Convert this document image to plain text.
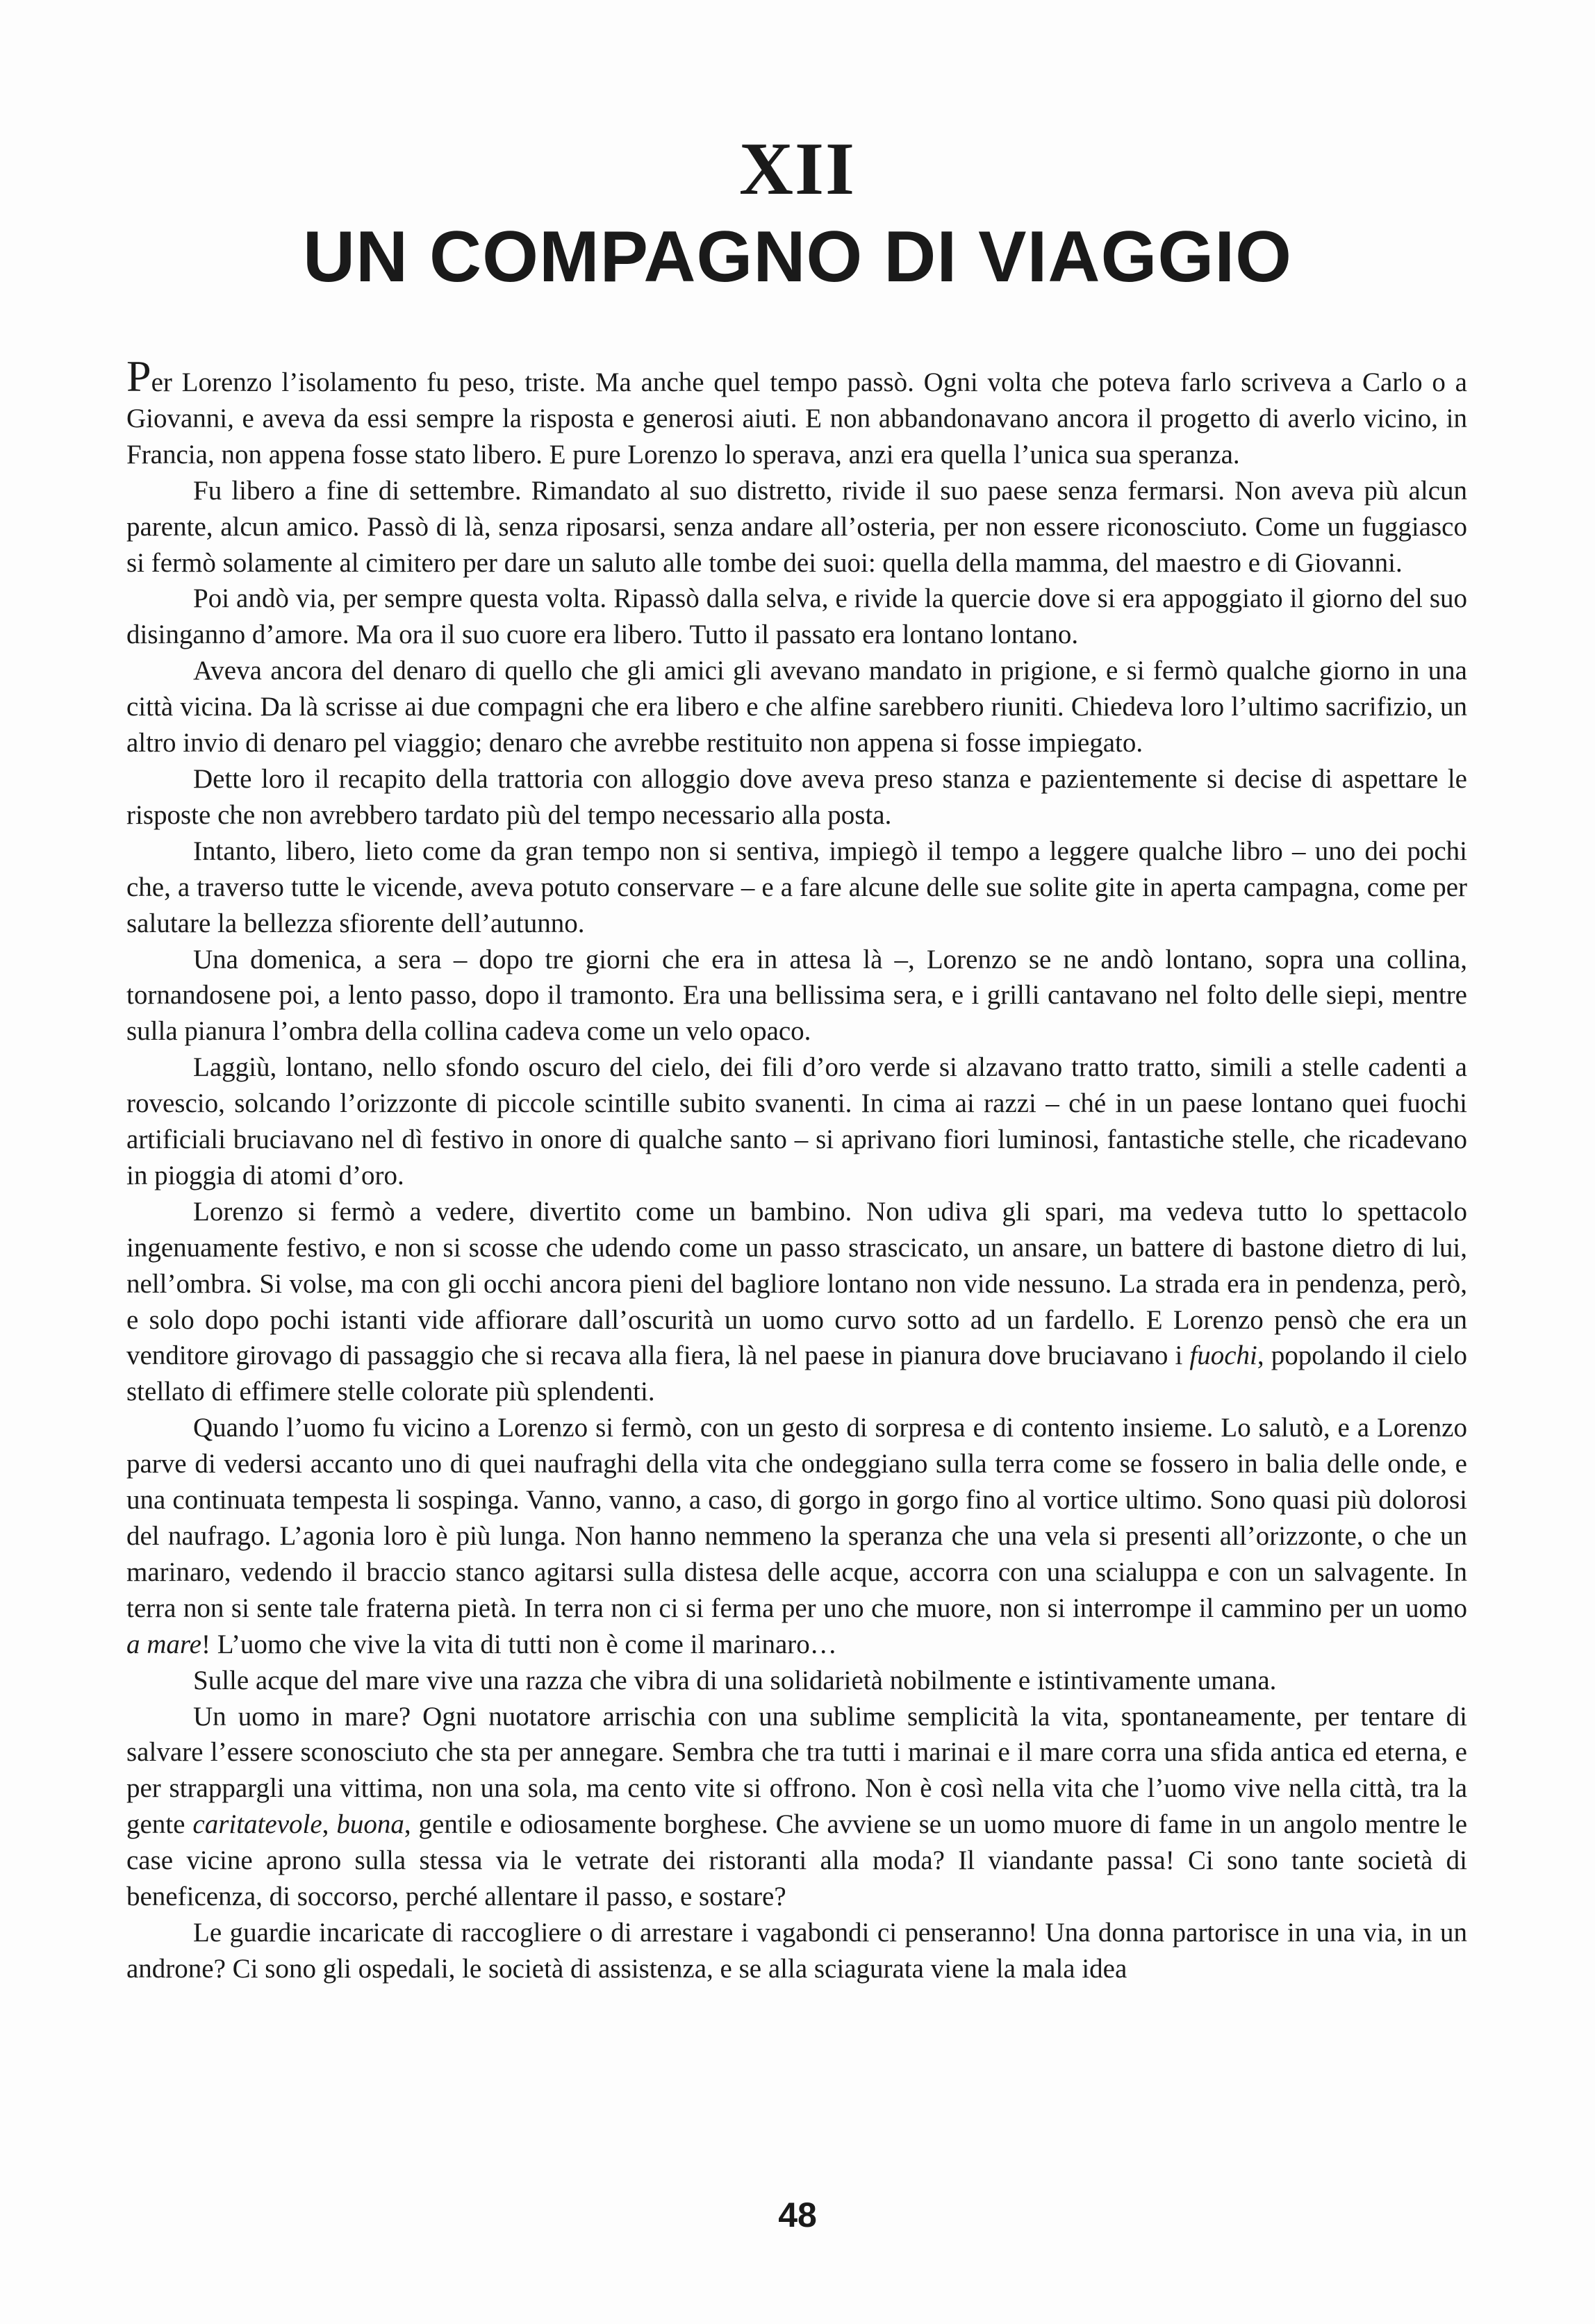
XII
UN COMPAGNO DI VIAGGIO

Per Lorenzo l’isolamento fu peso, triste. Ma anche quel tempo passò. Ogni volta che poteva farlo scriveva a Carlo o a Giovanni, e aveva da essi sempre la risposta e generosi aiuti. E non abbandonavano ancora il progetto di averlo vicino, in Francia, non appena fosse stato libero. E pure Lorenzo lo sperava, anzi era quella l’unica sua speranza.

Fu libero a fine di settembre. Rimandato al suo distretto, rivide il suo paese senza fermarsi. Non aveva più alcun parente, alcun amico. Passò di là, senza riposarsi, senza andare all’osteria, per non essere riconosciuto. Come un fuggiasco si fermò solamente al cimitero per dare un saluto alle tombe dei suoi: quella della mamma, del maestro e di Giovanni.

Poi andò via, per sempre questa volta. Ripassò dalla selva, e rivide la quercie dove si era appoggiato il giorno del suo disinganno d’amore. Ma ora il suo cuore era libero. Tutto il passato era lontano lontano.

Aveva ancora del denaro di quello che gli amici gli avevano mandato in prigione, e si fermò qualche giorno in una città vicina. Da là scrisse ai due compagni che era libero e che alfine sarebbero riuniti. Chiedeva loro l’ultimo sacrifizio, un altro invio di denaro pel viaggio; denaro che avrebbe restituito non appena si fosse impiegato.

Dette loro il recapito della trattoria con alloggio dove aveva preso stanza e pazientemente si decise di aspettare le risposte che non avrebbero tardato più del tempo necessario alla posta.

Intanto, libero, lieto come da gran tempo non si sentiva, impiegò il tempo a leggere qualche libro – uno dei pochi che, a traverso tutte le vicende, aveva potuto conservare – e a fare alcune delle sue solite gite in aperta campagna, come per salutare la bellezza sfiorente dell’autunno.

Una domenica, a sera – dopo tre giorni che era in attesa là –, Lorenzo se ne andò lontano, sopra una collina, tornandosene poi, a lento passo, dopo il tramonto. Era una bellissima sera, e i grilli cantavano nel folto delle siepi, mentre sulla pianura l’ombra della collina cadeva come un velo opaco.

Laggiù, lontano, nello sfondo oscuro del cielo, dei fili d’oro verde si alzavano tratto tratto, simili a stelle cadenti a rovescio, solcando l’orizzonte di piccole scintille subito svanenti. In cima ai razzi – ché in un paese lontano quei fuochi artificiali bruciavano nel dì festivo in onore di qualche santo – si aprivano fiori luminosi, fantastiche stelle, che ricadevano in pioggia di atomi d’oro.

Lorenzo si fermò a vedere, divertito come un bambino. Non udiva gli spari, ma vedeva tutto lo spettacolo ingenuamente festivo, e non si scosse che udendo come un passo strascicato, un ansare, un battere di bastone dietro di lui, nell’ombra. Si volse, ma con gli occhi ancora pieni del bagliore lontano non vide nessuno. La strada era in pendenza, però, e solo dopo pochi istanti vide affiorare dall’oscurità un uomo curvo sotto ad un fardello. E Lorenzo pensò che era un venditore girovago di passaggio che si recava alla fiera, là nel paese in pianura dove bruciavano i fuochi, popolando il cielo stellato di effimere stelle colorate più splendenti.

Quando l’uomo fu vicino a Lorenzo si fermò, con un gesto di sorpresa e di contento insieme. Lo salutò, e a Lorenzo parve di vedersi accanto uno di quei naufraghi della vita che ondeggiano sulla terra come se fossero in balia delle onde, e una continuata tempesta li sospinga. Vanno, vanno, a caso, di gorgo in gorgo fino al vortice ultimo. Sono quasi più dolorosi del naufrago. L’agonia loro è più lunga. Non hanno nemmeno la speranza che una vela si presenti all’orizzonte, o che un marinaro, vedendo il braccio stanco agitarsi sulla distesa delle acque, accorra con una scialuppa e con un salvagente. In terra non si sente tale fraterna pietà. In terra non ci si ferma per uno che muore, non si interrompe il cammino per un uomo a mare! L’uomo che vive la vita di tutti non è come il marinaro…

Sulle acque del mare vive una razza che vibra di una solidarietà nobilmente e istintivamente umana.

Un uomo in mare? Ogni nuotatore arrischia con una sublime semplicità la vita, spontaneamente, per tentare di salvare l’essere sconosciuto che sta per annegare. Sembra che tra tutti i marinai e il mare corra una sfida antica ed eterna, e per strappargli una vittima, non una sola, ma cento vite si offrono. Non è così nella vita che l’uomo vive nella città, tra la gente caritatevole, buona, gentile e odiosamente borghese. Che avviene se un uomo muore di fame in un angolo mentre le case vicine aprono sulla stessa via le vetrate dei ristoranti alla moda? Il viandante passa! Ci sono tante società di beneficenza, di soccorso, perché allentare il passo, e sostare?

Le guardie incaricate di raccogliere o di arrestare i vagabondi ci penseranno! Una donna partorisce in una via, in un androne? Ci sono gli ospedali, le società di assistenza, e se alla sciagurata viene la mala idea

48
